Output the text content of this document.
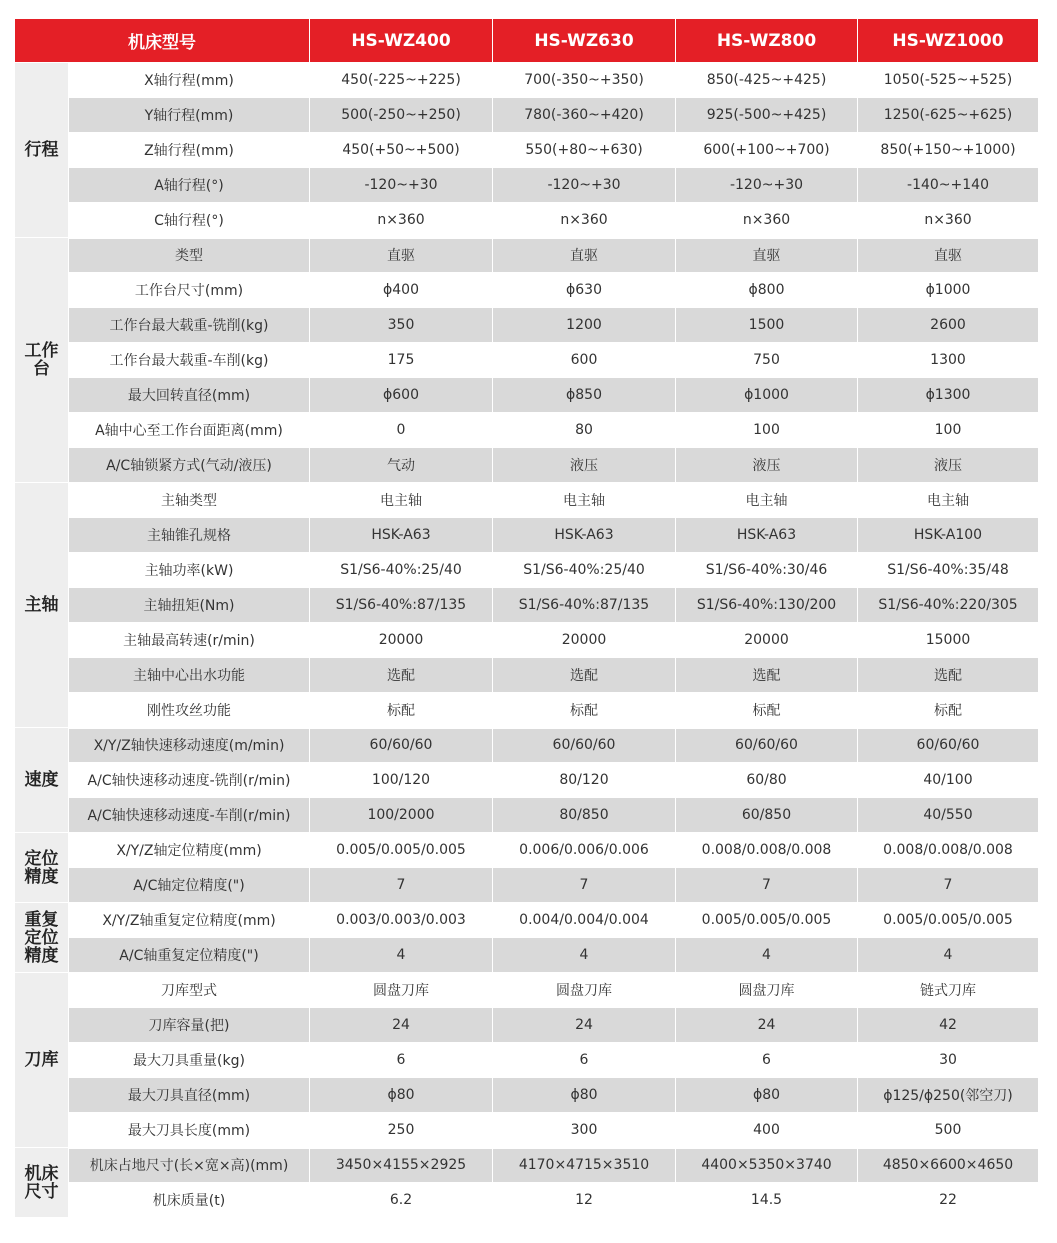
机床型号		HS-WZ400	HS-WZ630	HS-WZ800	HS-WZ1000
行程	X轴行程(mm)	450(-225~+225)	700(-350~+350)	850(-425~+425)	1050(-525~+525)
	Y轴行程(mm)	500(-250~+250)	780(-360~+420)	925(-500~+425)	1250(-625~+625)
	Z轴行程(mm)	450(+50~+500)	550(+80~+630)	600(+100~+700)	850(+150~+1000)
	A轴行程(°)	-120~+30	-120~+30	-120~+30	-140~+140
	C轴行程(°)	n×360	n×360	n×360	n×360
工作台	类型	直驱	直驱	直驱	直驱
	工作台尺寸(mm)	ϕ400	ϕ630	ϕ800	ϕ1000
	工作台最大载重-铣削(kg)	350	1200	1500	2600
	工作台最大载重-车削(kg)	175	600	750	1300
	最大回转直径(mm)	ϕ600	ϕ850	ϕ1000	ϕ1300
	A轴中心至工作台面距离(mm)	0	80	100	100
	A/C轴锁紧方式(气动/液压)	气动	液压	液压	液压
主轴	主轴类型	电主轴	电主轴	电主轴	电主轴
	主轴锥孔规格	HSK-A63	HSK-A63	HSK-A63	HSK-A100
	主轴功率(kW)	S1/S6-40%:25/40	S1/S6-40%:25/40	S1/S6-40%:30/46	S1/S6-40%:35/48
	主轴扭矩(Nm)	S1/S6-40%:87/135	S1/S6-40%:87/135	S1/S6-40%:130/200	S1/S6-40%:220/305
	主轴最高转速(r/min)	20000	20000	20000	15000
	主轴中心出水功能	选配	选配	选配	选配
	刚性攻丝功能	标配	标配	标配	标配
速度	X/Y/Z轴快速移动速度(m/min)	60/60/60	60/60/60	60/60/60	60/60/60
	A/C轴快速移动速度-铣削(r/min)	100/120	80/120	60/80	40/100
	A/C轴快速移动速度-车削(r/min)	100/2000	80/850	60/850	40/550
定位精度	X/Y/Z轴定位精度(mm)	0.005/0.005/0.005	0.006/0.006/0.006	0.008/0.008/0.008	0.008/0.008/0.008
	A/C轴定位精度(")	7	7	7	7
重复定位精度	X/Y/Z轴重复定位精度(mm)	0.003/0.003/0.003	0.004/0.004/0.004	0.005/0.005/0.005	0.005/0.005/0.005
	A/C轴重复定位精度(")	4	4	4	4
刀库	刀库型式	圆盘刀库	圆盘刀库	圆盘刀库	链式刀库
	刀库容量(把)	24	24	24	42
	最大刀具重量(kg)	6	6	6	30
	最大刀具直径(mm)	ϕ80	ϕ80	ϕ80	ϕ125/ϕ250(邻空刀)
	最大刀具长度(mm)	250	300	400	500
机床尺寸	机床占地尺寸(长×宽×高)(mm)	3450×4155×2925	4170×4715×3510	4400×5350×3740	4850×6600×4650
	机床质量(t)	6.2	12	14.5	22
